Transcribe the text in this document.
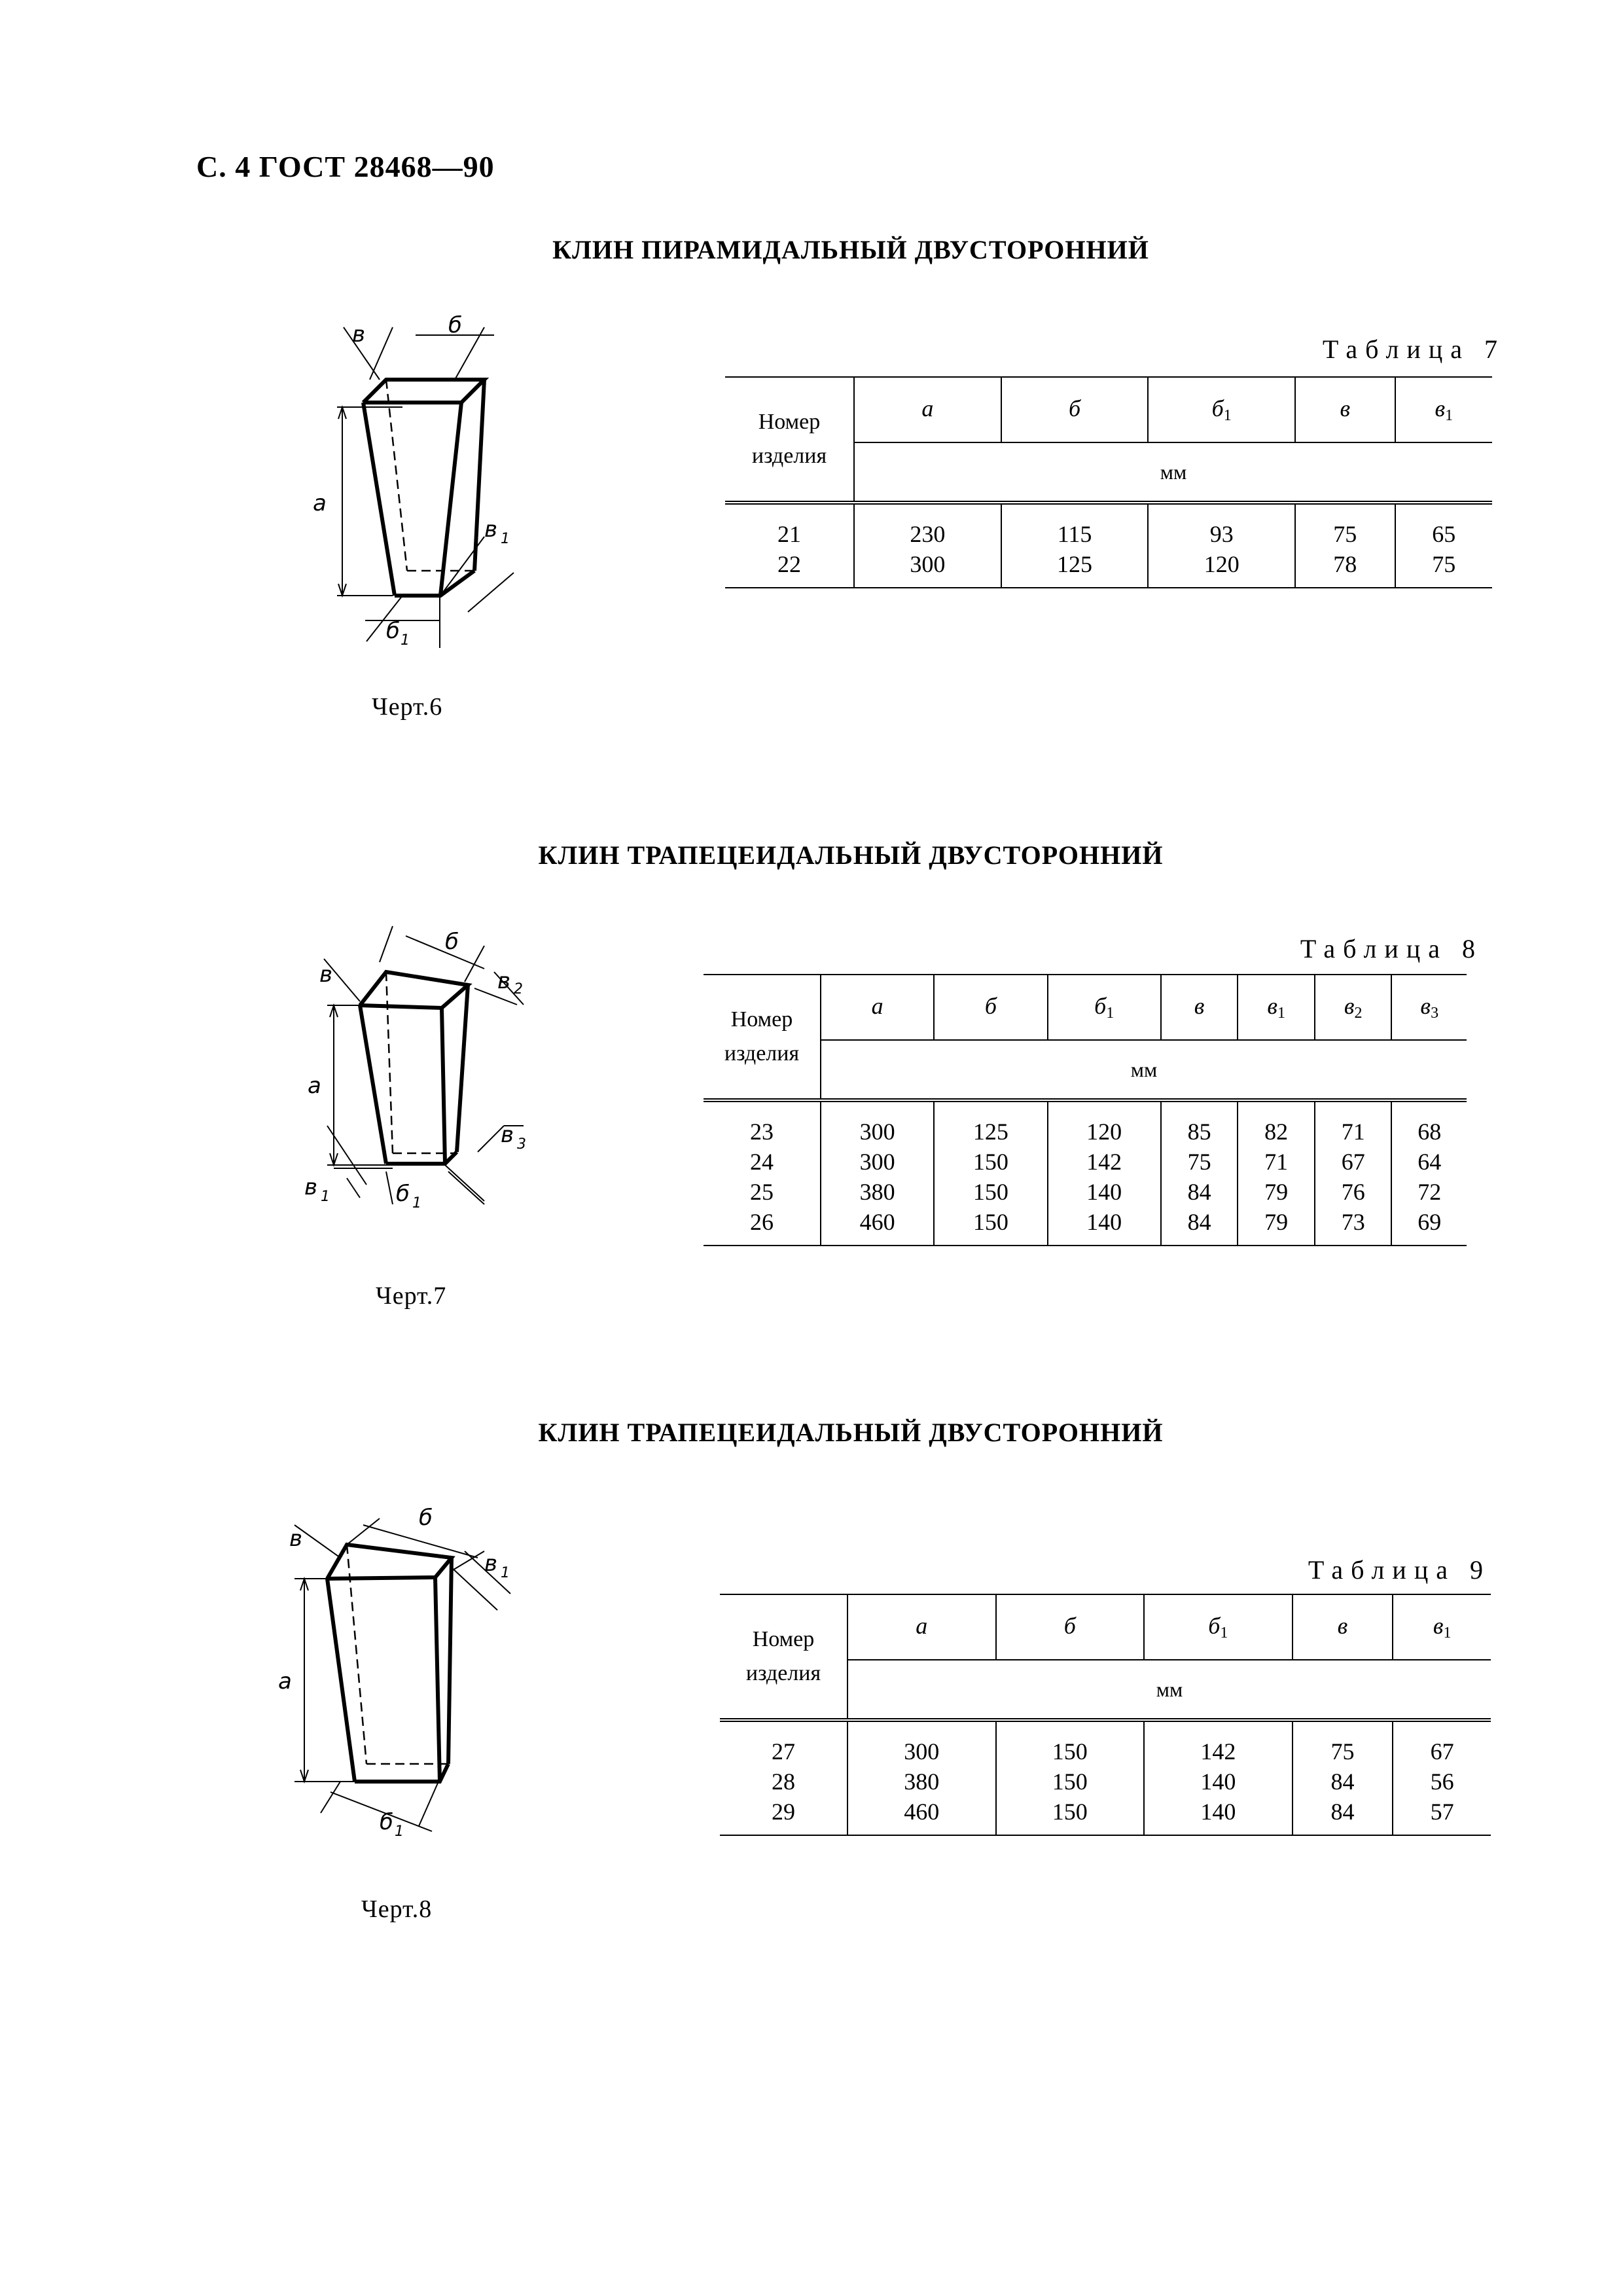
С. 4 ГОСТ 28468—90
КЛИН ПИРАМИДАЛЬНЫЙ ДВУСТОРОННИЙ
в	б
а
в 1
б 1
Черт.6
Таблица 7
Номер
изделия	а	б	б1	в	в1
	мм				
21	230	115	93	75	65
22	300	125	120	78	75
КЛИН ТРАПЕЦЕИДАЛЬНЫЙ ДВУСТОРОННИЙ
в
б
в 2
а
в 3
в 1	б 1
Черт.7
Таблица 8
Номер
изделия	а	б	б1	в	в1	в2	в3
	мм						
23	300	125	120	85	82	71	68
24	300	150	142	75	71	67	64
25	380	150	140	84	79	76	72
26	460	150	140	84	79	73	69
КЛИН ТРАПЕЦЕИДАЛЬНЫЙ ДВУСТОРОННИЙ
в
б
в 1
а
б 1
Черт.8
Таблица 9
Номер
изделия	а	б	б1	в	в1
	мм				
27	300	150	142	75	67
28	380	150	140	84	56
29	460	150	140	84	57
